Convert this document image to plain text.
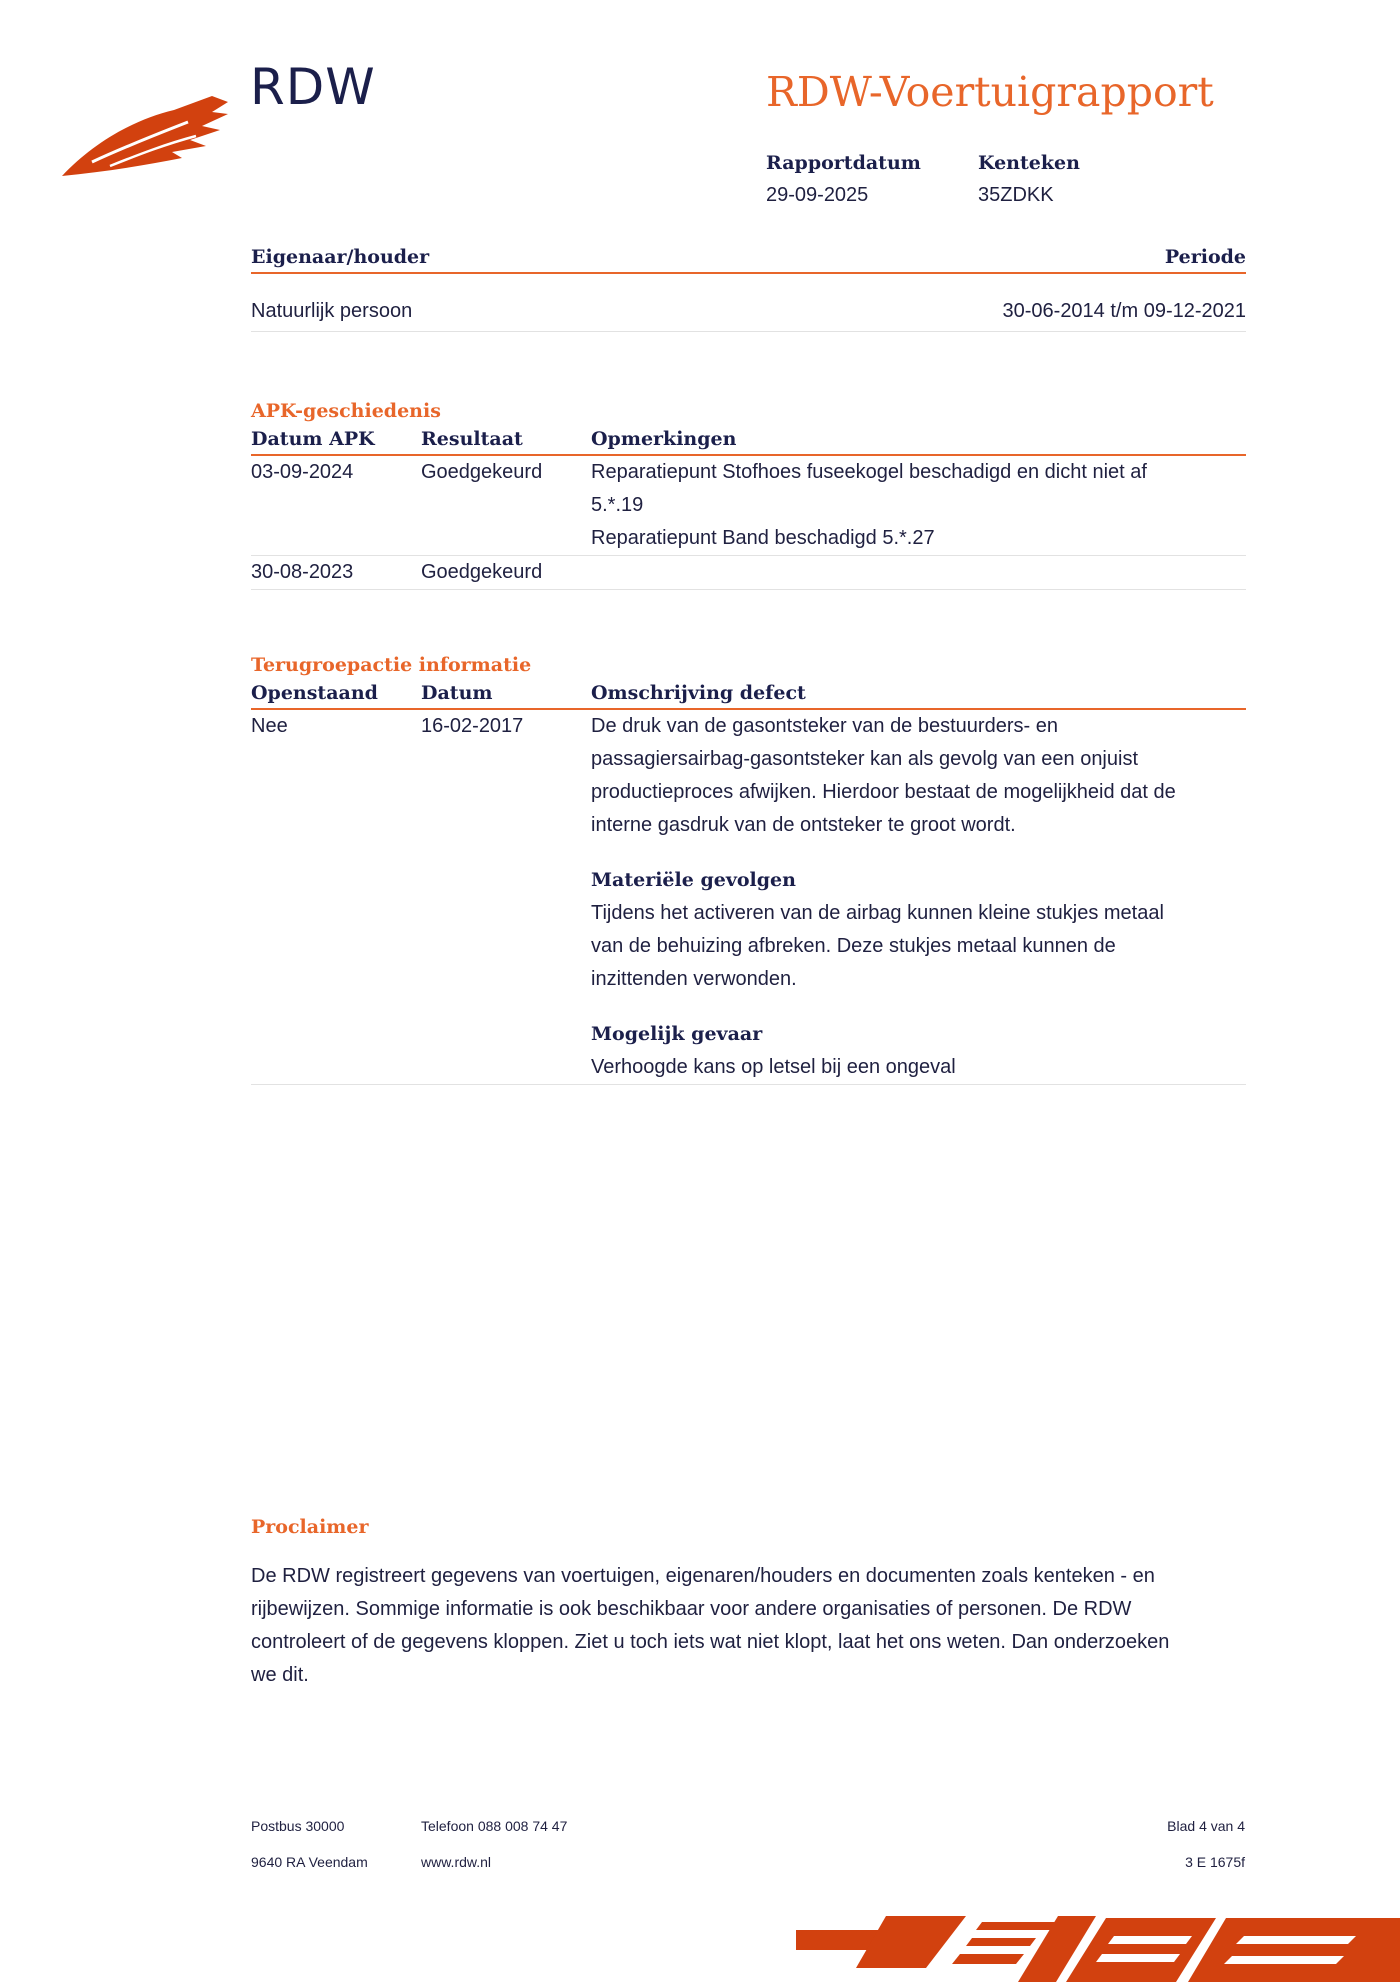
RDW	RDW-Voertuigrapport
Rapportdatum
29-09-2025
Kenteken
35ZDKK
Eigenaar/houder	Periode
Natuurlijk persoon	30-06-2014 t/m 09-12-2021
APK-geschiedenis
Datum APK	Resultaat	Opmerkingen
03-09-2024	Goedgekeurd	Reparatiepunt Stofhoes fuseekogel beschadigd en dicht niet af
5.*.19
Reparatiepunt Band beschadigd 5.*.27
30-08-2023	Goedgekeurd
Terugroepactie informatie
Openstaand	Datum	Omschrijving defect
Nee	16-02-2017	De druk van de gasontsteker van de bestuurders- en
passagiersairbag-gasontsteker kan als gevolg van een onjuist
productieproces afwijken. Hierdoor bestaat de mogelijkheid dat de
interne gasdruk van de ontsteker te groot wordt.
Materiële gevolgen
Tijdens het activeren van de airbag kunnen kleine stukjes metaal
van de behuizing afbreken. Deze stukjes metaal kunnen de
inzittenden verwonden.
Mogelijk gevaar
Verhoogde kans op letsel bij een ongeval
Proclaimer
De RDW registreert gegevens van voertuigen, eigenaren/houders en documenten zoals kenteken - en
rijbewijzen. Sommige informatie is ook beschikbaar voor andere organisaties of personen. De RDW
controleert of de gegevens kloppen. Ziet u toch iets wat niet klopt, laat het ons weten. Dan onderzoeken
we dit.
Postbus 30000
9640 RA Veendam
Telefoon 088 008 74 47
www.rdw.nl
Blad 4 van 4
3 E 1675f
